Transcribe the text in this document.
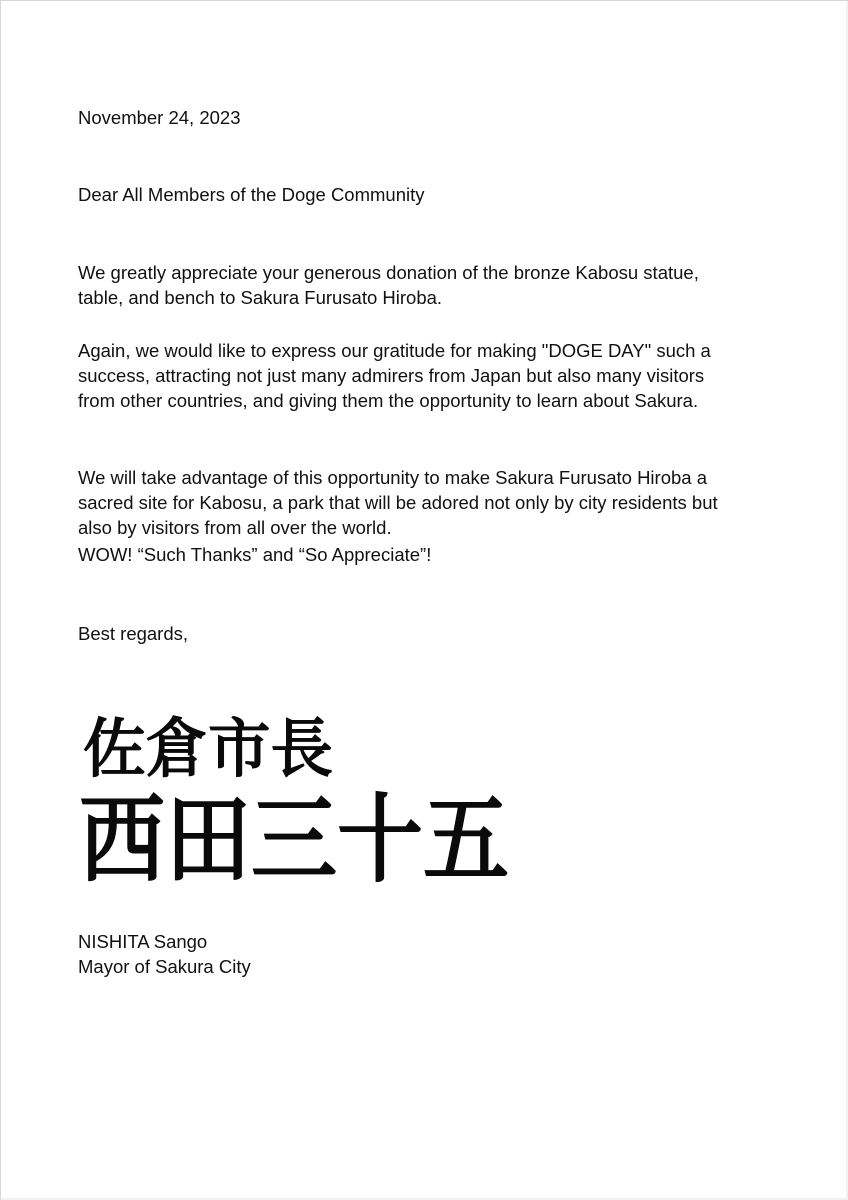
November 24, 2023

Dear All Members of the Doge Community

We greatly appreciate your generous donation of the bronze Kabosu statue,
table, and bench to Sakura Furusato Hiroba.

Again, we would like to express our gratitude for making "DOGE DAY" such a
success, attracting not just many admirers from Japan but also many visitors
from other countries, and giving them the opportunity to learn about Sakura.

We will take advantage of this opportunity to make Sakura Furusato Hiroba a
sacred site for Kabosu, a park that will be adored not only by city residents but
also by visitors from all over the world.

WOW! “Such Thanks” and “So Appreciate”!

Best regards,

佐倉市長
西田三十五

NISHITA Sango

Mayor of Sakura City
